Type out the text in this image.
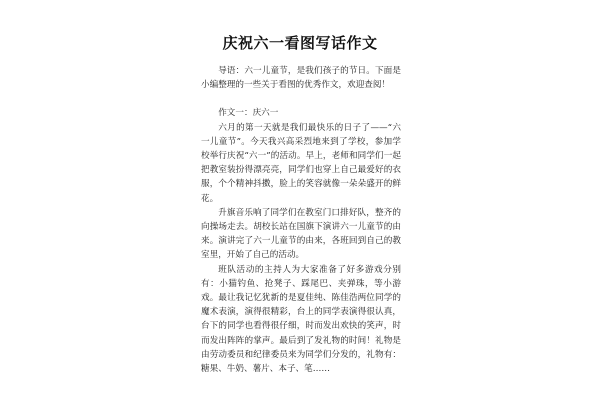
庆祝六一看图写话作文

导语：六一儿童节，是我们孩子的节日。下面是小编整理的一些关于看图的优秀作文，欢迎查阅！

作文一：庆六一

六月的第一天就是我们最快乐的日子了——“六一儿童节”。今天我兴高采烈地来到了学校，参加学校举行庆祝“六一”的活动。早上，老师和同学们一起把教室装扮得漂亮亮，同学们也穿上自己最爱好的衣服，个个精神抖擞，脸上的笑容就像一朵朵盛开的鲜花。

升旗音乐响了同学们在教室门口排好队，整齐的向操场走去。胡校长站在国旗下演讲六一儿童节的由来。演讲完了六一儿童节的由来，各班回到自己的教室里，开始了自己的活动。

班队活动的主持人为大家准备了好多游戏分别有：小猫钓鱼、抢凳子、踩尾巴、夹弹珠，等小游戏。最让我记忆犹新的是夏佳纯、陈佳浩两位同学的魔术表演，演得很精彩，台上的同学表演得很认真，台下的同学也看得很仔细，时而发出欢快的笑声，时而发出阵阵的掌声。最后到了发礼物的时间！礼物是由劳动委员和纪律委员来为同学们分发的，礼物有：糖果、牛奶、薯片、本子、笔……
